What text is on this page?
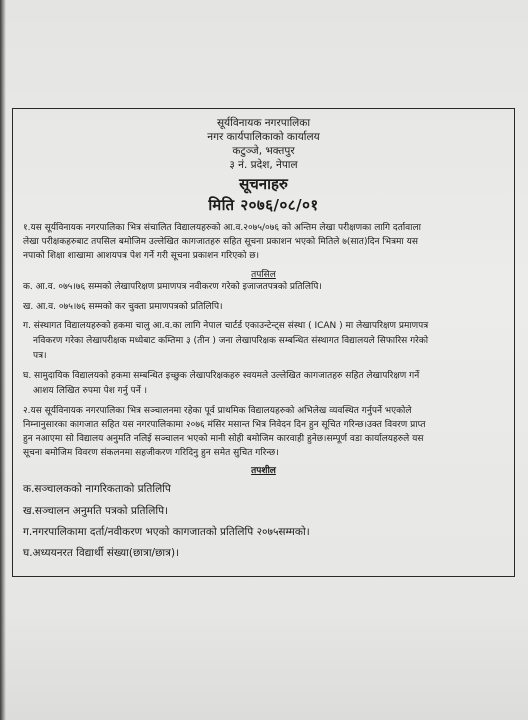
सूर्यविनायक नगरपालिका
नगर कार्यपालिकाको कार्यालय
कटुञ्जे, भक्तपुर
३ नं. प्रदेश, नेपाल
सूचनाहरु
मिति २०७६/०८/०१
१.यस सूर्यविनायक नगरपालिका भित्र संचालित विद्यालयहरुको आ.व.२०७५/०७६ को अन्तिम लेखा परीक्षणका लागि दर्तावाला
लेखा परीक्षकहरुबाट तपसिल बमोजिम उल्लेखित कागजातहरु सहित सूचना प्रकाशन भएको मितिले ७(सात)दिन भित्रमा यस
नपाको शिक्षा शाखामा आशयपत्र पेश गर्ने गरी सूचना प्रकाशन गरिएको छ।
तपसिल
क. आ.व. ०७५।७६ सम्मको लेखापरिक्षण प्रमाणपत्र नवीकरण गरेको इजाजतपत्रको प्रतिलिपि।
ख. आ.व. ०७५।७६ सम्मको कर चुक्ता प्रमाणपत्रको प्रतिलिपि।
ग. संस्थागत विद्यालयहरुको हकमा चालु आ.व.का लागि नेपाल चार्टर्ड एकाउन्टेन्ट्स संस्था ( ICAN ) मा लेखापरिक्षण प्रमाणपत्र
नविकरण गरेका लेखापरीक्षक मध्येबाट कम्तिमा ३ (तीन ) जना लेखापरिक्षक सम्बन्धित संस्थागत विद्यालयले सिफारिस गरेको
पत्र।
घ. सामुदायिक विद्यालयको हकमा सम्बन्धित इच्छुक लेखापरिक्षकहरु स्वयमले उल्लेखित कागजातहरु सहित लेखापरिक्षण गर्ने
आशय लिखित रुपमा पेश गर्नु पर्ने ।
२.यस सूर्यविनायक नगरपालिका भित्र सञ्चालनमा रहेका पूर्व प्राथमिक विद्यालयहरुको अभिलेख व्यवस्थित गर्नुपर्ने भएकोले
निम्नानुसारका कागजात सहित यस नगरपालिकामा २०७६ मंसिर मसान्त भित्र निवेदन दिन हुन सूचित गरिन्छ।उक्त विवरण प्राप्त
हुन नआएमा सो विद्यालय अनुमति नलिई सञ्चालन भएको मानी सोही बमोजिम कारवाही हुनेछ।सम्पूर्ण वडा कार्यालयहरुले यस
सूचना बमोजिम विवरण संकलनमा सहजीकरण गरिदिनु हुन समेत सुचित गरिन्छ।
तपशील
क.सञ्चालकको नागरिकताको प्रतिलिपि
ख.सञ्चालन अनुमति पत्रको प्रतिलिपि।
ग.नगरपालिकामा दर्ता/नवीकरण भएको कागजातको प्रतिलिपि २०७५सम्मको।
घ.अध्ययनरत विद्यार्थी संख्या(छात्रा/छात्र)।
